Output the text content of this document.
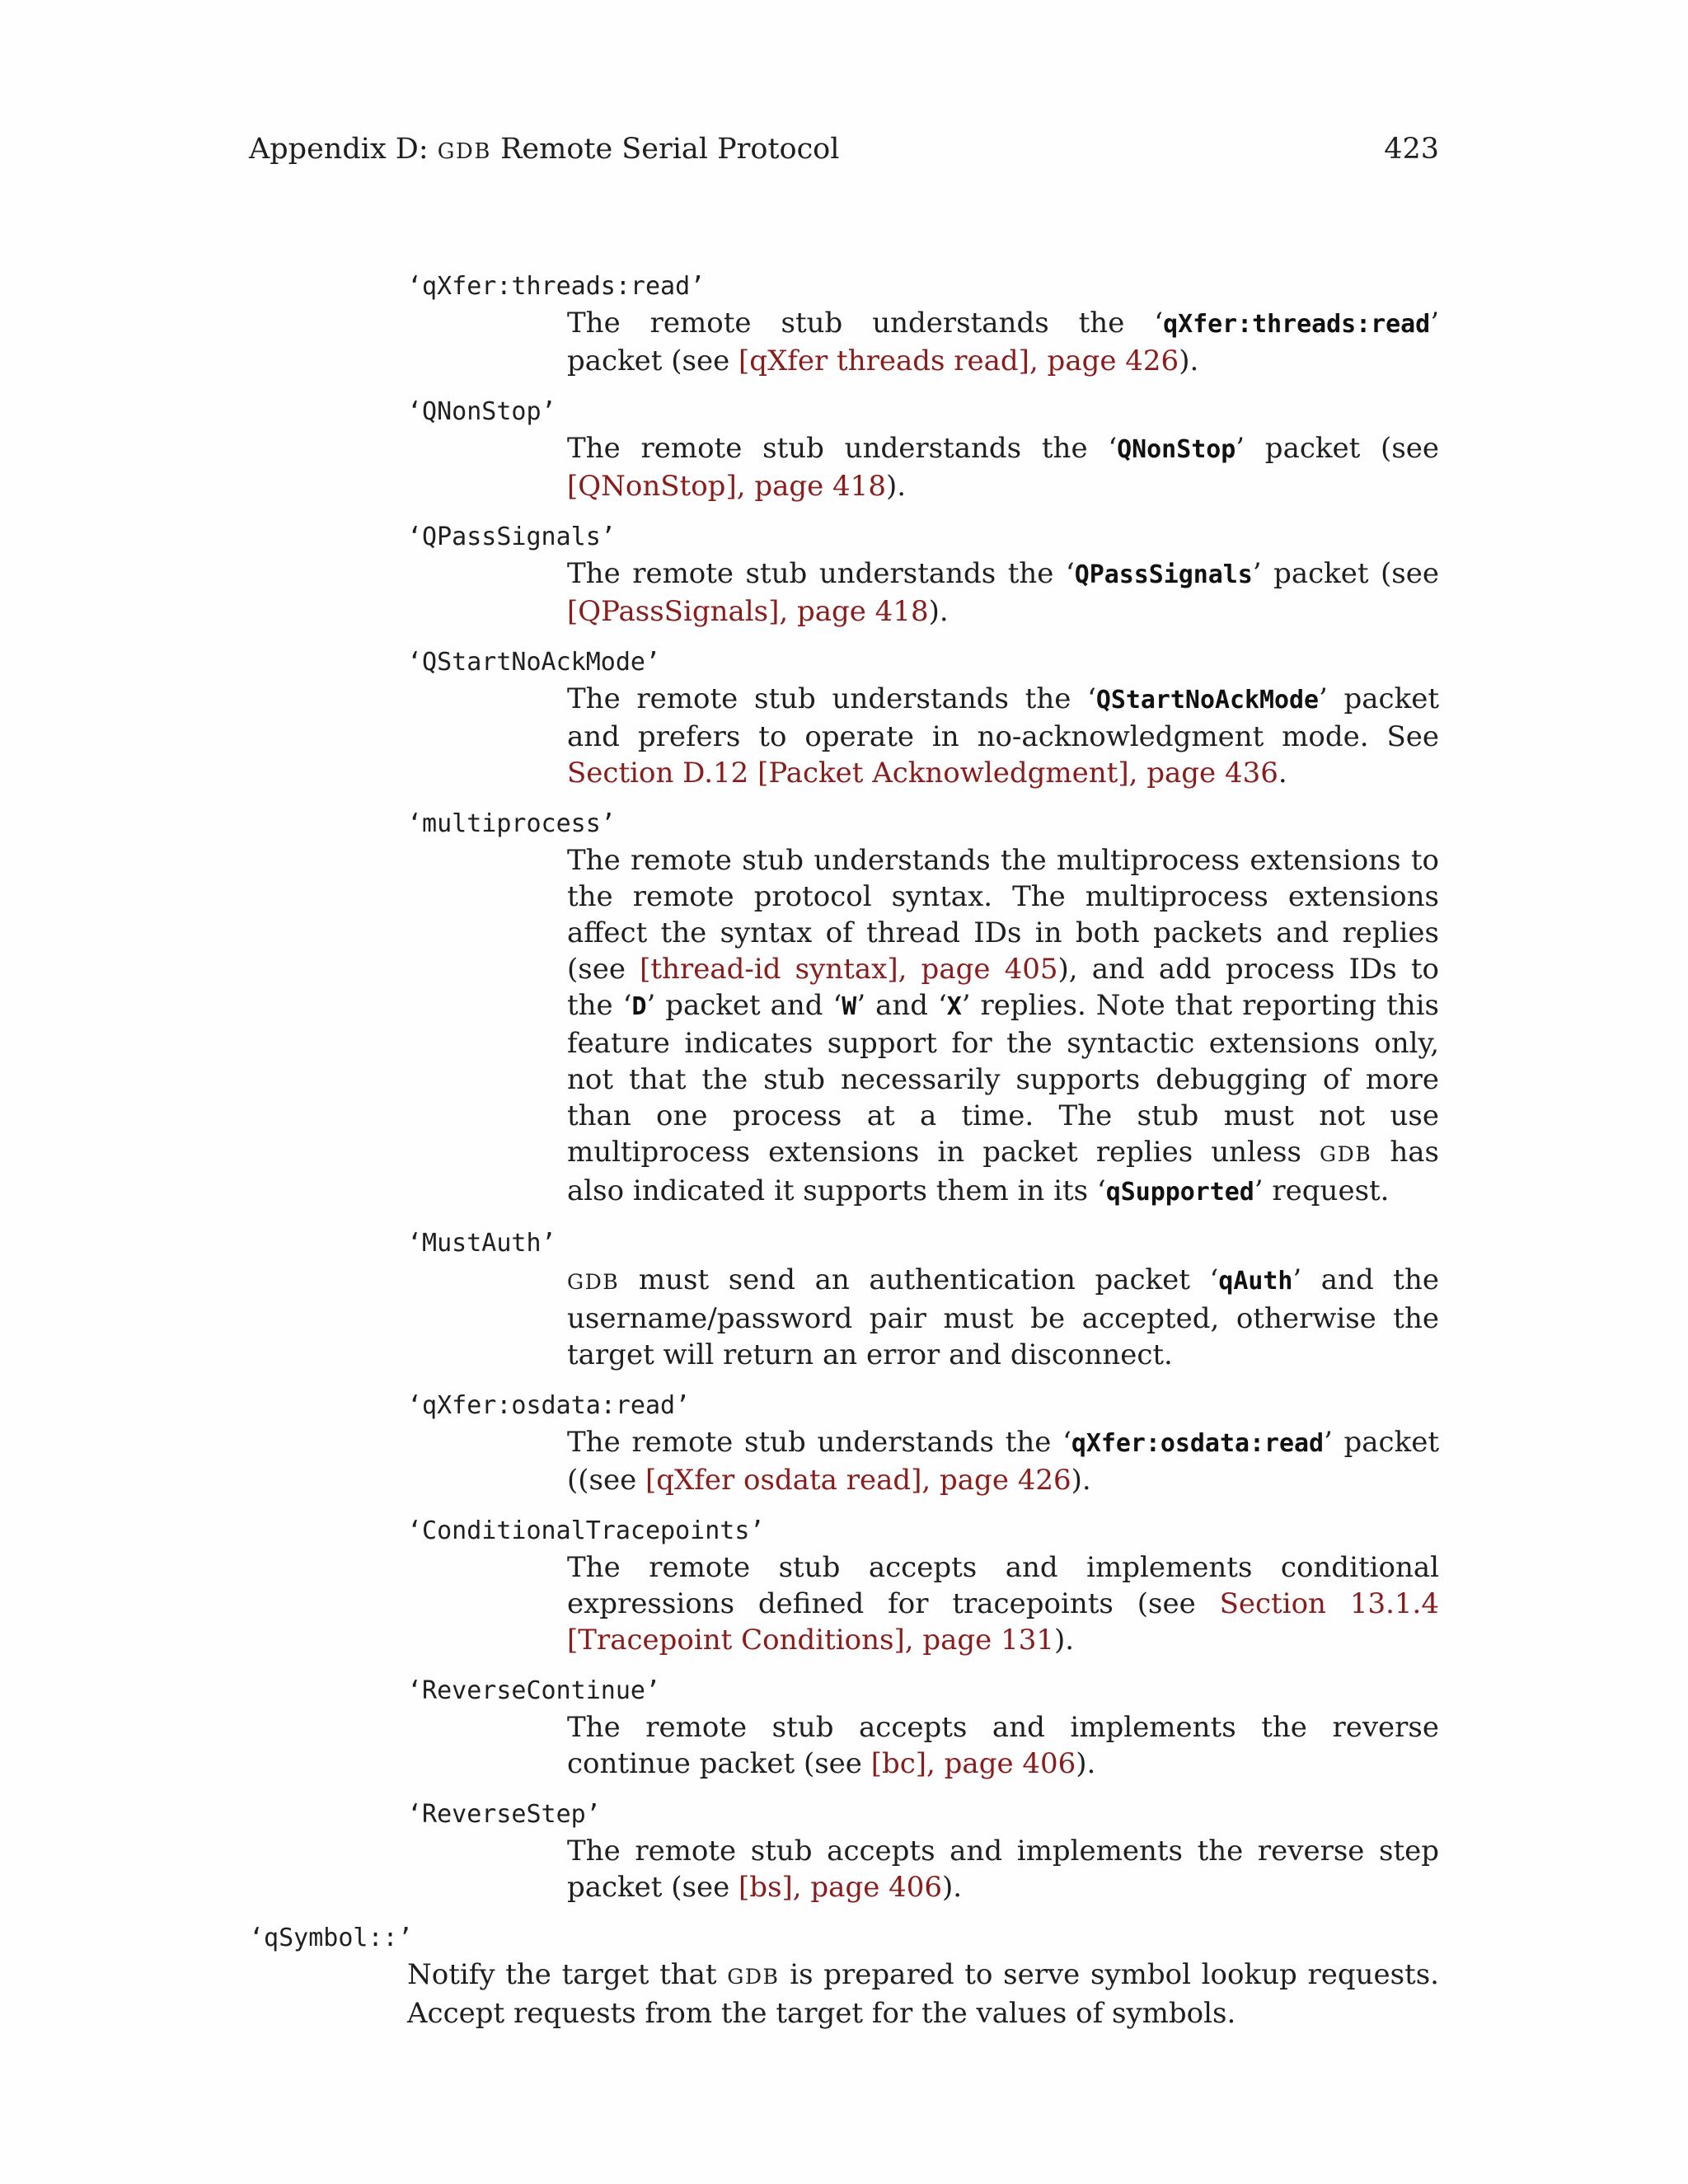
Appendix D: GDB Remote Serial Protocol	423
‘qXfer:threads:read’
The remote stub understands the ‘qXfer:threads:read’ packet (see [qXfer threads read], page 426).
‘QNonStop’
The remote stub understands the ‘QNonStop’ packet (see [QNonStop], page 418).
‘QPassSignals’
The remote stub understands the ‘QPassSignals’ packet (see [QPassSignals], page 418).
‘QStartNoAckMode’
The remote stub understands the ‘QStartNoAckMode’ packet and prefers to operate in no-acknowledgment mode. See Section D.12 [Packet Acknowledgment], page 436.
‘multiprocess’
The remote stub understands the multiprocess extensions to the remote protocol syntax. The multiprocess extensions affect the syntax of thread IDs in both packets and replies (see [thread-id syntax], page 405), and add process IDs to the ‘D’ packet and ‘W’ and ‘X’ replies. Note that reporting this feature indicates support for the syntactic extensions only, not that the stub necessarily supports debugging of more than one process at a time. The stub must not use multiprocess extensions in packet replies unless GDB has also indicated it supports them in its ‘qSupported’ request.
‘MustAuth’
GDB must send an authentication packet ‘qAuth’ and the username/password pair must be accepted, otherwise the target will return an error and disconnect.
‘qXfer:osdata:read’
The remote stub understands the ‘qXfer:osdata:read’ packet ((see [qXfer osdata read], page 426).
‘ConditionalTracepoints’
The remote stub accepts and implements conditional expressions defined for tracepoints (see Section 13.1.4 [Tracepoint Conditions], page 131).
‘ReverseContinue’
The remote stub accepts and implements the reverse continue packet (see [bc], page 406).
‘ReverseStep’
The remote stub accepts and implements the reverse step packet (see [bs], page 406).
‘qSymbol::’
Notify the target that GDB is prepared to serve symbol lookup requests. Accept requests from the target for the values of symbols.
